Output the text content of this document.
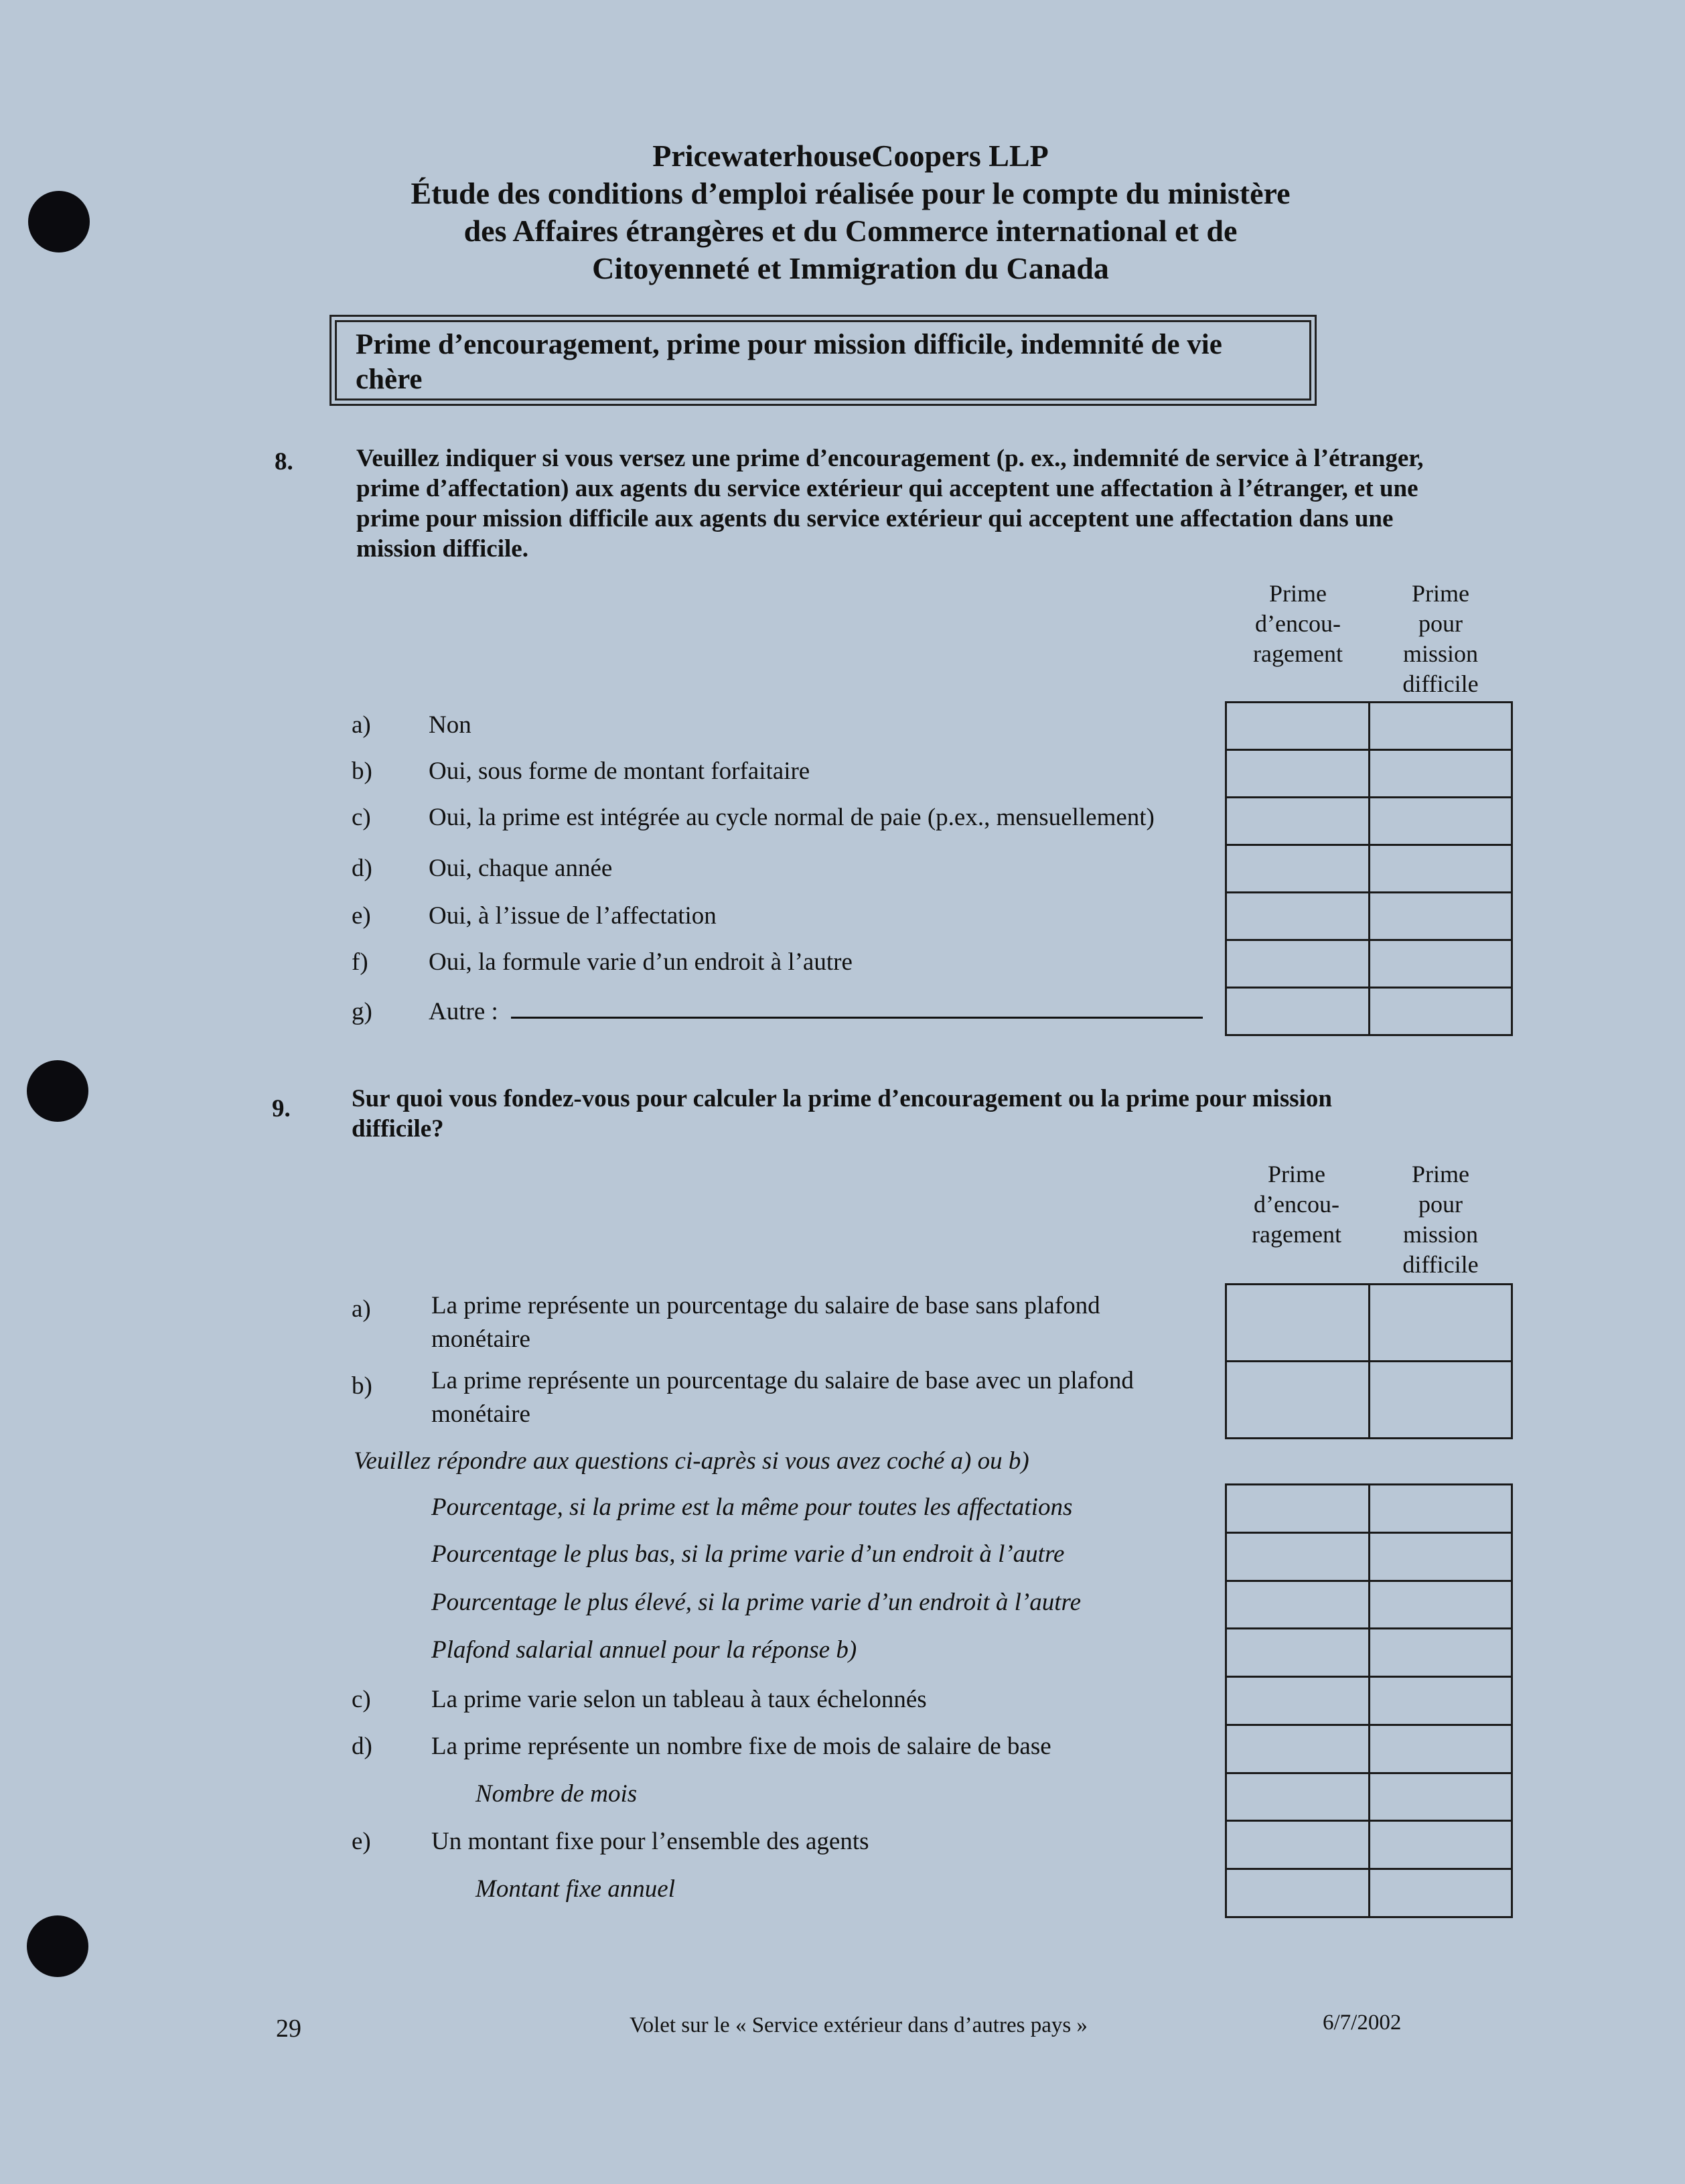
PricewaterhouseCoopers LLP
Étude des conditions d’emploi réalisée pour le compte du ministère
des Affaires étrangères et du Commerce international et de
Citoyenneté et Immigration du Canada
Prime d’encouragement, prime pour mission difficile, indemnité de vie
chère
8.	Veuillez indiquer si vous versez une prime d’encouragement (p. ex., indemnité de service à l’étranger,
prime d’affectation) aux agents du service extérieur qui acceptent une affectation à l’étranger, et une
prime pour mission difficile aux agents du service extérieur qui acceptent une affectation dans une
mission difficile.
Prime
d’encou-
ragement
Prime
pour
mission
difficile
a) Non
b) Oui, sous forme de montant forfaitaire
c) Oui, la prime est intégrée au cycle normal de paie (p.ex., mensuellement)
d) Oui, chaque année
e) Oui, à l’issue de l’affectation
f) Oui, la formule varie d’un endroit à l’autre
g) Autre :

9. Sur quoi vous fondez-vous pour calculer la prime d’encouragement ou la prime pour mission
difficile?
Prime
d’encou-
ragement
Prime
pour
mission
difficile
a) La prime représente un pourcentage du salaire de base sans plafond
monétaire
b) La prime représente un pourcentage du salaire de base avec un plafond
monétaire

Veuillez répondre aux questions ci-après si vous avez coché a) ou b)
Pourcentage, si la prime est la même pour toutes les affectations
Pourcentage le plus bas, si la prime varie d’un endroit à l’autre
Pourcentage le plus élevé, si la prime varie d’un endroit à l’autre
Plafond salarial annuel pour la réponse b)
c) La prime varie selon un tableau à taux échelonnés
d) La prime représente un nombre fixe de mois de salaire de base
Nombre de mois
e) Un montant fixe pour l’ensemble des agents
Montant fixe annuel

29	Volet sur le « Service extérieur dans d’autres pays »	6/7/2002
